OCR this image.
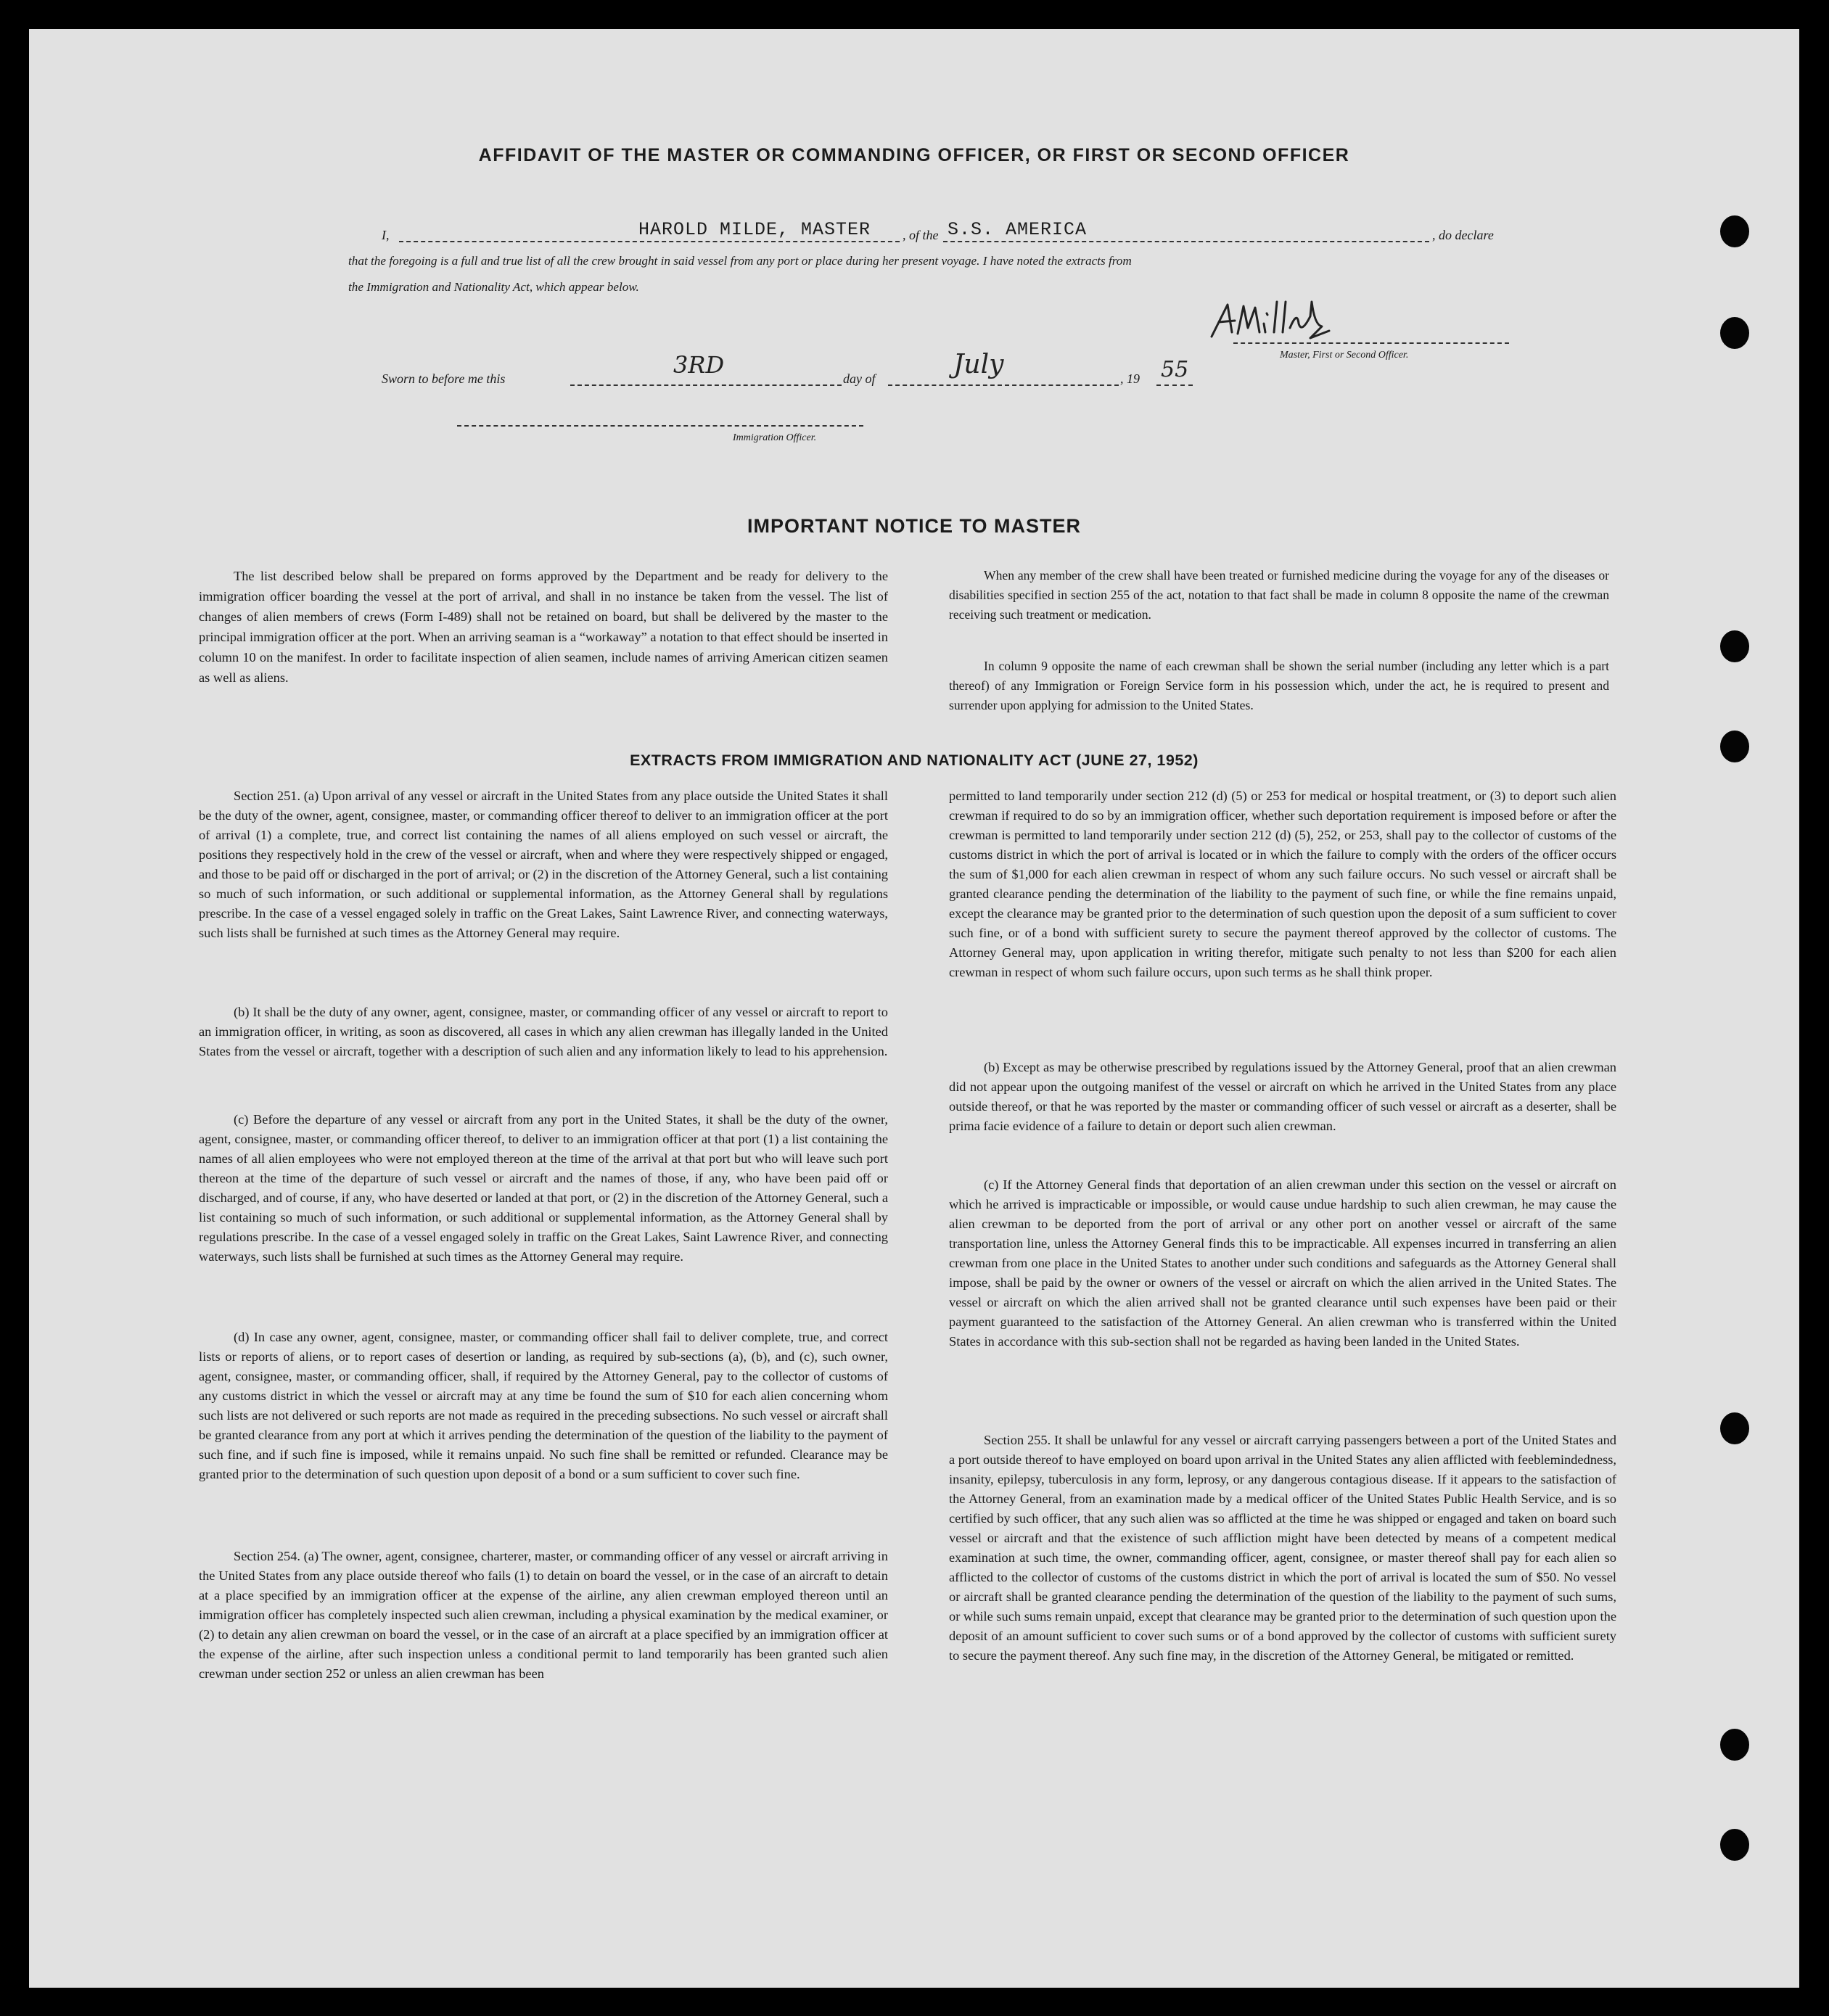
AFFIDAVIT OF THE MASTER OR COMMANDING OFFICER, OR FIRST OR SECOND OFFICER
I,	HAROLD MILDE, MASTER , of the S.S. AMERICA	, do declare
that the foregoing is a full and true list of all the crew brought in said vessel from any port or place during her present voyage. I have noted the extracts from
the Immigration and Nationality Act, which appear below.
Master, First or Second Officer.
Sworn to before me this	3RD	day of	July	, 19 55
Immigration Officer.
IMPORTANT NOTICE TO MASTER

The list described below shall be prepared on forms approved by the Department and be ready for delivery to the immigration officer boarding the vessel at the port of arrival, and shall in no instance be taken from the vessel. The list of changes of alien members of crews (Form I-489) shall not be retained on board, but shall be delivered by the master to the principal immigration officer at the port. When an arriving seaman is a “workaway” a notation to that effect should be inserted in column 10 on the manifest. In order to facilitate inspection of alien seamen, include names of arriving American citizen seamen as well as aliens.

When any member of the crew shall have been treated or furnished medicine during the voyage for any of the diseases or disabilities specified in section 255 of the act, notation to that fact shall be made in column 8 opposite the name of the crewman receiving such treatment or medication.

In column 9 opposite the name of each crewman shall be shown the serial number (including any letter which is a part thereof) of any Immigration or Foreign Service form in his possession which, under the act, he is required to present and surrender upon applying for admission to the United States.

EXTRACTS FROM IMMIGRATION AND NATIONALITY ACT (JUNE 27, 1952)

Section 251. (a) Upon arrival of any vessel or aircraft in the United States from any place outside the United States it shall be the duty of the owner, agent, consignee, master, or commanding officer thereof to deliver to an immigration officer at the port of arrival (1) a complete, true, and correct list containing the names of all aliens employed on such vessel or aircraft, the positions they respectively hold in the crew of the vessel or aircraft, when and where they were respectively shipped or engaged, and those to be paid off or discharged in the port of arrival; or (2) in the discretion of the Attorney General, such a list containing so much of such information, or such additional or supplemental information, as the Attorney General shall by regulations prescribe. In the case of a vessel engaged solely in traffic on the Great Lakes, Saint Lawrence River, and connecting waterways, such lists shall be furnished at such times as the Attorney General may require.

(b) It shall be the duty of any owner, agent, consignee, master, or commanding officer of any vessel or aircraft to report to an immigration officer, in writing, as soon as discovered, all cases in which any alien crewman has illegally landed in the United States from the vessel or aircraft, together with a description of such alien and any information likely to lead to his apprehension.

(c) Before the departure of any vessel or aircraft from any port in the United States, it shall be the duty of the owner, agent, consignee, master, or commanding officer thereof, to deliver to an immigration officer at that port (1) a list containing the names of all alien employees who were not employed thereon at the time of the arrival at that port but who will leave such port thereon at the time of the departure of such vessel or aircraft and the names of those, if any, who have been paid off or discharged, and of course, if any, who have deserted or landed at that port, or (2) in the discretion of the Attorney General, such a list containing so much of such information, or such additional or supplemental information, as the Attorney General shall by regulations prescribe. In the case of a vessel engaged solely in traffic on the Great Lakes, Saint Lawrence River, and connecting waterways, such lists shall be furnished at such times as the Attorney General may require.

(d) In case any owner, agent, consignee, master, or commanding officer shall fail to deliver complete, true, and correct lists or reports of aliens, or to report cases of desertion or landing, as required by sub-sections (a), (b), and (c), such owner, agent, consignee, master, or commanding officer, shall, if required by the Attorney General, pay to the collector of customs of any customs district in which the vessel or aircraft may at any time be found the sum of $10 for each alien concerning whom such lists are not delivered or such reports are not made as required in the preceding subsections. No such vessel or aircraft shall be granted clearance from any port at which it arrives pending the determination of the question of the liability to the payment of such fine, and if such fine is imposed, while it remains unpaid. No such fine shall be remitted or refunded. Clearance may be granted prior to the determination of such question upon deposit of a bond or a sum sufficient to cover such fine.

Section 254. (a) The owner, agent, consignee, charterer, master, or commanding officer of any vessel or aircraft arriving in the United States from any place outside thereof who fails (1) to detain on board the vessel, or in the case of an aircraft to detain at a place specified by an immigration officer at the expense of the airline, any alien crewman employed thereon until an immigration officer has completely inspected such alien crewman, including a physical examination by the medical examiner, or (2) to detain any alien crewman on board the vessel, or in the case of an aircraft at a place specified by an immigration officer at the expense of the airline, after such inspection unless a conditional permit to land temporarily has been granted such alien crewman under section 252 or unless an alien crewman has been

permitted to land temporarily under section 212 (d) (5) or 253 for medical or hospital treatment, or (3) to deport such alien crewman if required to do so by an immigration officer, whether such deportation requirement is imposed before or after the crewman is permitted to land temporarily under section 212 (d) (5), 252, or 253, shall pay to the collector of customs of the customs district in which the port of arrival is located or in which the failure to comply with the orders of the officer occurs the sum of $1,000 for each alien crewman in respect of whom any such failure occurs. No such vessel or aircraft shall be granted clearance pending the determination of the liability to the payment of such fine, or while the fine remains unpaid, except the clearance may be granted prior to the determination of such question upon the deposit of a sum sufficient to cover such fine, or of a bond with sufficient surety to secure the payment thereof approved by the collector of customs. The Attorney General may, upon application in writing therefor, mitigate such penalty to not less than $200 for each alien crewman in respect of whom such failure occurs, upon such terms as he shall think proper.

(b) Except as may be otherwise prescribed by regulations issued by the Attorney General, proof that an alien crewman did not appear upon the outgoing manifest of the vessel or aircraft on which he arrived in the United States from any place outside thereof, or that he was reported by the master or commanding officer of such vessel or aircraft as a deserter, shall be prima facie evidence of a failure to detain or deport such alien crewman.

(c) If the Attorney General finds that deportation of an alien crewman under this section on the vessel or aircraft on which he arrived is impracticable or impossible, or would cause undue hardship to such alien crewman, he may cause the alien crewman to be deported from the port of arrival or any other port on another vessel or aircraft of the same transportation line, unless the Attorney General finds this to be impracticable. All expenses incurred in transferring an alien crewman from one place in the United States to another under such conditions and safeguards as the Attorney General shall impose, shall be paid by the owner or owners of the vessel or aircraft on which the alien arrived in the United States. The vessel or aircraft on which the alien arrived shall not be granted clearance until such expenses have been paid or their payment guaranteed to the satisfaction of the Attorney General. An alien crewman who is transferred within the United States in accordance with this sub-section shall not be regarded as having been landed in the United States.

Section 255. It shall be unlawful for any vessel or aircraft carrying passengers between a port of the United States and a port outside thereof to have employed on board upon arrival in the United States any alien afflicted with feeblemindedness, insanity, epilepsy, tuberculosis in any form, leprosy, or any dangerous contagious disease. If it appears to the satisfaction of the Attorney General, from an examination made by a medical officer of the United States Public Health Service, and is so certified by such officer, that any such alien was so afflicted at the time he was shipped or engaged and taken on board such vessel or aircraft and that the existence of such affliction might have been detected by means of a competent medical examination at such time, the owner, commanding officer, agent, consignee, or master thereof shall pay for each alien so afflicted to the collector of customs of the customs district in which the port of arrival is located the sum of $50. No vessel or aircraft shall be granted clearance pending the determination of the question of the liability to the payment of such sums, or while such sums remain unpaid, except that clearance may be granted prior to the determination of such question upon the deposit of an amount sufficient to cover such sums or of a bond approved by the collector of customs with sufficient surety to secure the payment thereof. Any such fine may, in the discretion of the Attorney General, be mitigated or remitted.
